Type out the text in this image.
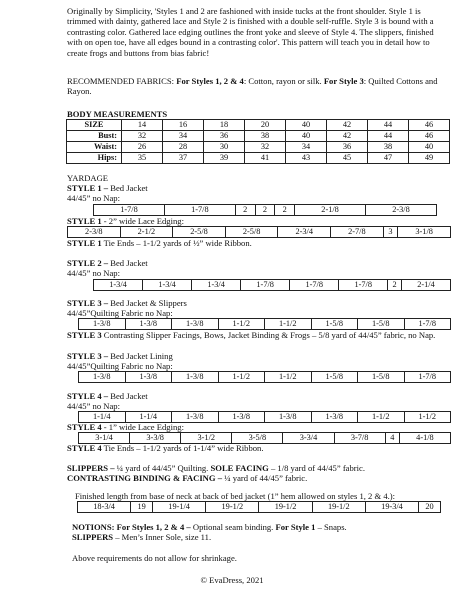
Originally by Simplicity, 'Styles 1 and 2 are fashioned with inside tucks at the front shoulder. Style 1 is trimmed with dainty, gathered lace and Style 2 is finished with a double self-ruffle. Style 3 is bound with a contrasting color. Gathered lace edging outlines the front yoke and sleeve of Style 4. The slippers, finished with on open toe, have all edges bound in a contrasting color'. This pattern will teach you in detail how to create frogs and buttons from bias fabric!

RECOMMENDED FABRICS: For Styles 1, 2 & 4: Cotton, rayon or silk. For Style 3: Quilted Cottons and Rayon.

BODY MEASUREMENTS
SIZE	14	16	18	20	40	42	44	46
Bust:	32	34	36	38	40	42	44	46
Waist:	26	28	30	32	34	36	38	40
Hips:	35	37	39	41	43	45	47	49
YARDAGE
STYLE 1 – Bed Jacket
44/45” no Nap:
1-7/8	1-7/8	2	2	2	2-1/8	2-3/8
STYLE 1 - 2” wide Lace Edging:
2-3/8	2-1/2	2-5/8	2-5/8	2-3/4	2-7/8	3	3-1/8
STYLE 1 Tie Ends – 1-1/2 yards of ½” wide Ribbon.
STYLE 2 – Bed Jacket
44/45” no Nap:
1-3/4	1-3/4	1-3/4	1-7/8	1-7/8	1-7/8	2	2-1/4
STYLE 3 – Bed Jacket & Slippers
44/45”Quilting Fabric no Nap:
1-3/8	1-3/8	1-3/8	1-1/2	1-1/2	1-5/8	1-5/8	1-7/8

STYLE 3 Contrasting Slipper Facings, Bows, Jacket Binding & Frogs – 5/8 yard of 44/45” fabric, no Nap.

STYLE 3 – Bed Jacket Lining
44/45”Quilting Fabric no Nap:
1-3/8	1-3/8	1-3/8	1-1/2	1-1/2	1-5/8	1-5/8	1-7/8
STYLE 4 – Bed Jacket
44/45” no Nap:
1-1/4	1-1/4	1-3/8	1-3/8	1-3/8	1-3/8	1-1/2	1-1/2
STYLE 4 - 1” wide Lace Edging:
3-1/4	3-3/8	3-1/2	3-5/8	3-3/4	3-7/8	4	4-1/8
STYLE 4 Tie Ends – 1-1/2 yards of 1-1/4” wide Ribbon.
SLIPPERS – ¼ yard of 44/45” Quilting. SOLE FACING – 1/8 yard of 44/45” fabric.
CONTRASTING BINDING & FACING – ¼ yard of 44/45” fabric.
Finished length from base of neck at back of bed jacket (1” hem allowed on styles 1, 2 & 4.):
18-3/4	19	19-1/4	19-1/2	19-1/2	19-1/2	19-3/4	20
NOTIONS: For Styles 1, 2 & 4 – Optional seam binding. For Style 1 – Snaps.
SLIPPERS – Men’s Inner Sole, size 11.
Above requirements do not allow for shrinkage.
© EvaDress, 2021
